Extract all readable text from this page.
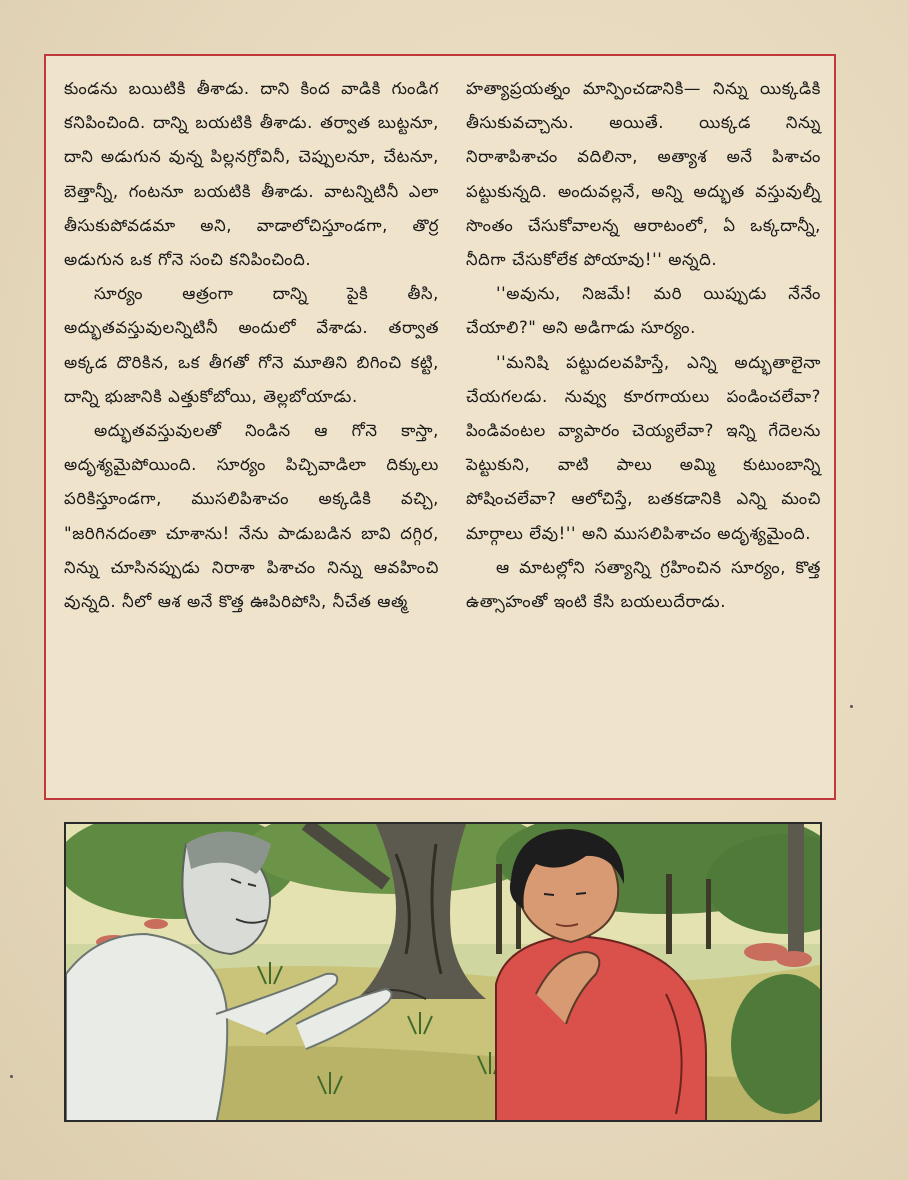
కుండను బయిటికి తీశాడు. దాని కింద వాడికి గుండిగ కనిపించింది. దాన్ని బయటికి తీశాడు. తర్వాత బుట్టనూ, దాని అడుగున వున్న పిల్లనగ్రోవినీ, చెప్పులనూ, చేటనూ, బెత్తాన్నీ, గంటనూ బయటికి తీశాడు. వాటన్నిటినీ ఎలా తీసుకుపోవడమా అని, వాడాలోచిస్తూండగా, తొర్ర అడుగున ఒక గోనె సంచి కనిపించింది.

సూర్యం ఆత్రంగా దాన్ని పైకి తీసి, అద్భుతవస్తువులన్నిటినీ అందులో వేశాడు. తర్వాత అక్కడ దొరికిన, ఒక తీగతో గోనె మూతిని బిగించి కట్టి, దాన్ని భుజానికి ఎత్తుకోబోయి, తెల్లబోయాడు.

అద్భుతవస్తువులతో నిండిన ఆ గోనె కాస్తా, అదృశ్యమైపోయింది. సూర్యం పిచ్చివాడిలా దిక్కులు పరికిస్తూండగా, ముసలిపిశాచం అక్కడికి వచ్చి, "జరిగినదంతా చూశాను! నేను పాడుబడిన బావి దగ్గిర, నిన్ను చూసినప్పుడు నిరాశా పిశాచం నిన్ను ఆవహించి వున్నది. నీలో ఆశ అనే కొత్త ఊపిరిపోసి, నీచేత ఆత్మ

హత్యాప్రయత్నం మాన్పించడానికి— నిన్ను యిక్కడికి తీసుకువచ్చాను. అయితే. యిక్కడ నిన్ను నిరాశాపిశాచం వదిలినా, అత్యాశ అనే పిశాచం పట్టుకున్నది. అందువల్లనే, అన్ని అద్భుత వస్తువుల్నీ సొంతం చేసుకోవాలన్న ఆరాటంలో, ఏ ఒక్కదాన్నీ, నీదిగా చేసుకోలేక పోయావు!'' అన్నది.

''అవును, నిజమే! మరి యిప్పుడు నేనేం చేయాలి?" అని అడిగాడు సూర్యం.

''మనిషి పట్టుదలవహిస్తే, ఎన్ని అద్భుతాలైనా చేయగలడు. నువ్వు కూరగాయలు పండించలేవా? పిండివంటల వ్యాపారం చెయ్యలేవా? ఇన్ని గేదెలను పెట్టుకుని, వాటి పాలు అమ్మి కుటుంబాన్ని పోషించలేవా? ఆలోచిస్తే, బతకడానికి ఎన్ని మంచి మార్గాలు లేవు!'' అని ముసలిపిశాచం అదృశ్యమైంది.

ఆ మాటల్లోని సత్యాన్ని గ్రహించిన సూర్యం, కొత్త ఉత్సాహంతో ఇంటి కేసి బయలుదేరాడు.
